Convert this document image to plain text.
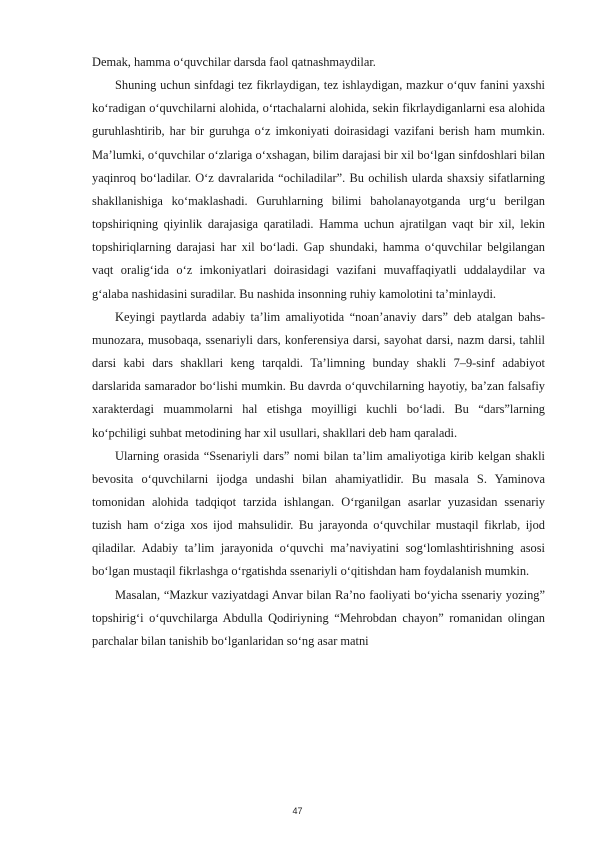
Demak, hamma o‘quvchilar darsda faol qatnashmaydilar.

Shuning uchun sinfdagi tez fikrlaydigan, tez ishlaydigan, mazkur o‘quv fanini yaxshi ko‘radigan o‘quvchilarni alohida, o‘rtachalarni alohida, sekin fikrlaydiganlarni esa alohida guruhlashtirib, har bir guruhga o‘z imkoniyati doirasidagi vazifani berish ham mumkin. Ma’lumki, o‘quvchilar o‘zlariga o‘xshagan, bilim darajasi bir xil bo‘lgan sinfdoshlari bilan yaqinroq bo‘ladilar. O‘z davralarida “ochiladilar”. Bu ochilish ularda shaxsiy sifatlarning shakllanishiga ko‘maklashadi. Guruhlarning bilimi baholanayotganda urg‘u berilgan topshiriqning qiyinlik darajasiga qaratiladi. Hamma uchun ajratilgan vaqt bir xil, lekin topshiriqlarning darajasi har xil bo‘ladi. Gap shundaki, hamma o‘quvchilar belgilangan vaqt oralig‘ida o‘z imkoniyatlari doirasidagi vazifani muvaffaqiyatli uddalaydilar va g‘alaba nashidasini suradilar. Bu nashida insonning ruhiy kamolotini ta’minlaydi.

Keyingi paytlarda adabiy ta’lim amaliyotida “noan’anaviy dars” deb atalgan bahs-munozara, musobaqa, ssenariyli dars, konferensiya darsi, sayohat darsi, nazm darsi, tahlil darsi kabi dars shakllari keng tarqaldi. Ta’limning bunday shakli 7–9-sinf adabiyot darslarida samarador bo‘lishi mumkin. Bu davrda o‘quvchilarning hayotiy, ba’zan falsafiy xarakterdagi muammolarni hal etishga moyilligi kuchli bo‘ladi. Bu “dars”larning ko‘pchiligi suhbat metodining har xil usullari, shakllari deb ham qaraladi.

Ularning orasida “Ssenariyli dars” nomi bilan ta’lim amaliyotiga kirib kelgan shakli bevosita o‘quvchilarni ijodga undashi bilan ahamiyatlidir. Bu masala S. Yaminova tomonidan alohida tadqiqot tarzida ishlangan. O‘rganilgan asarlar yuzasidan ssenariy tuzish ham o‘ziga xos ijod mahsulidir. Bu jarayonda o‘quvchilar mustaqil fikrlab, ijod qiladilar. Adabiy ta’lim jarayonida o‘quvchi ma’naviyatini sog‘lomlashtirishning asosi bo‘lgan mustaqil fikrlashga o‘rgatishda ssenariyli o‘qitishdan ham foydalanish mumkin.

Masalan, “Mazkur vaziyatdagi Anvar bilan Ra’no faoliyati bo‘yicha ssenariy yozing” topshirig‘i o‘quvchilarga Abdulla Qodiriyning “Mehrobdan chayon” romanidan olingan parchalar bilan tanishib bo‘lganlaridan so‘ng asar matni

47
